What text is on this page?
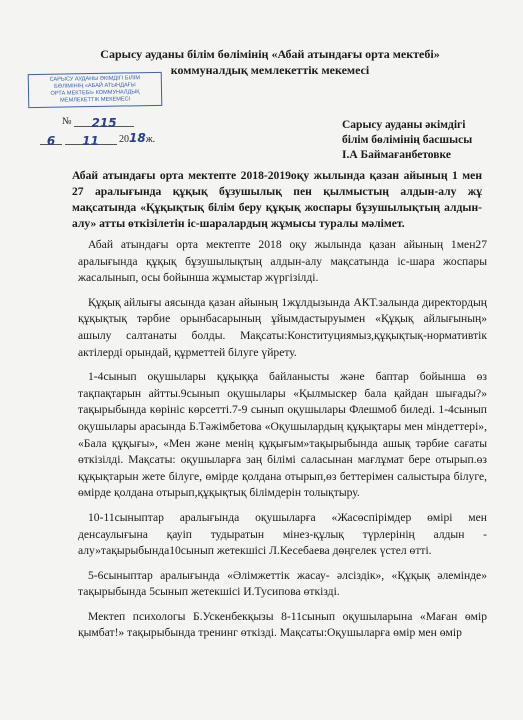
Сарысу ауданы білім бөлімінің «Абай атындағы орта мектебі»
коммуналдық мемлекеттік мекемесі
САРЫСУ АУДАНЫ ӘКІМДІГІ БІЛІМ
БӨЛІМІНІҢ «АБАЙ АТЫНДАҒЫ
ОРТА МЕКТЕБІ» КОММУНАЛДЫҚ
МЕМЛЕКЕТТІК МЕКЕМЕСІ
№ 215
6 11 2018ж.
Сарысу ауданы әкімдігі
білім бөлімінің басшысы
І.А Баймағанбетовке
Абай атындағы орта мектепте 2018-2019оқу жылында қазан айының 1 мен 27 аралығында құқық бұзушылық пен қылмыстың алдын-алу жұ мақсатында «Құқықтық білім беру құқық жоспары бұзушылықтың алдын-алу» атты өткізілетін іс-шаралардың жұмысы туралы мәлімет.

Абай атындағы орта мектепте 2018 оқу жылында қазан айының 1мен27 аралығында құқық бұзушылықтың алдын-алу мақсатында іс-шара жоспары жасалынып, осы бойынша жұмыстар жүргізілді.

Құқық айлығы аясында қазан айының 1жұлдызында АКТ.залында директордың құқықтық тәрбие орынбасарының ұйымдастыруымен «Құқық айлығының» ашылу салтанаты болды. Мақсаты:Конституциямыз,құқықтық-нормативтік актілерді орындай, құрметтей білуге үйрету.

1-4сынып оқушылары құқыққа байланысты және баптар бойынша өз тақпақтарын айтты.9сынып оқушылары «Қылмыскер бала қайдан шығады?» тақырыбында көрініс көрсетті.7-9 сынып оқушылары Флешмоб биледі. 1-4сынып оқушылары арасында Б.Тәжімбетова «Оқушылардың құқықтары мен міндеттері», «Бала құқығы», «Мен және менің құқығым»тақырыбында ашық тәрбие сағаты өткізілді. Мақсаты: оқушыларға заң білімі саласынан мағлұмат бере отырып.өз құқықтарын жете білуге, өмірде қолдана отырып,өз беттерімен салыстыра білуге, өмірде қолдана отырып,құқықтық білімдерін толықтыру.

10-11сыныптар аралығында оқушыларға «Жасөспірімдер өмірі мен денсаулығына қауіп тудыратын мінез-құлық түрлерінің алдын - алу»тақырыбында10сынып жетекшісі Л.Кесебаева дөңгелек үстел өтті.

5-6сыныптар аралығында «Әлімжеттік жасау- әлсіздік», «Құқық әлемінде» тақырыбында 5сынып жетекшісі И.Тусипова өткізді.

Мектеп психологы Б.Ускенбекқызы 8-11сынып оқушыларына «Маған өмір қымбат!» тақырыбында тренинг өткізді. Мақсаты:Оқушыларға өмір мен өмір
